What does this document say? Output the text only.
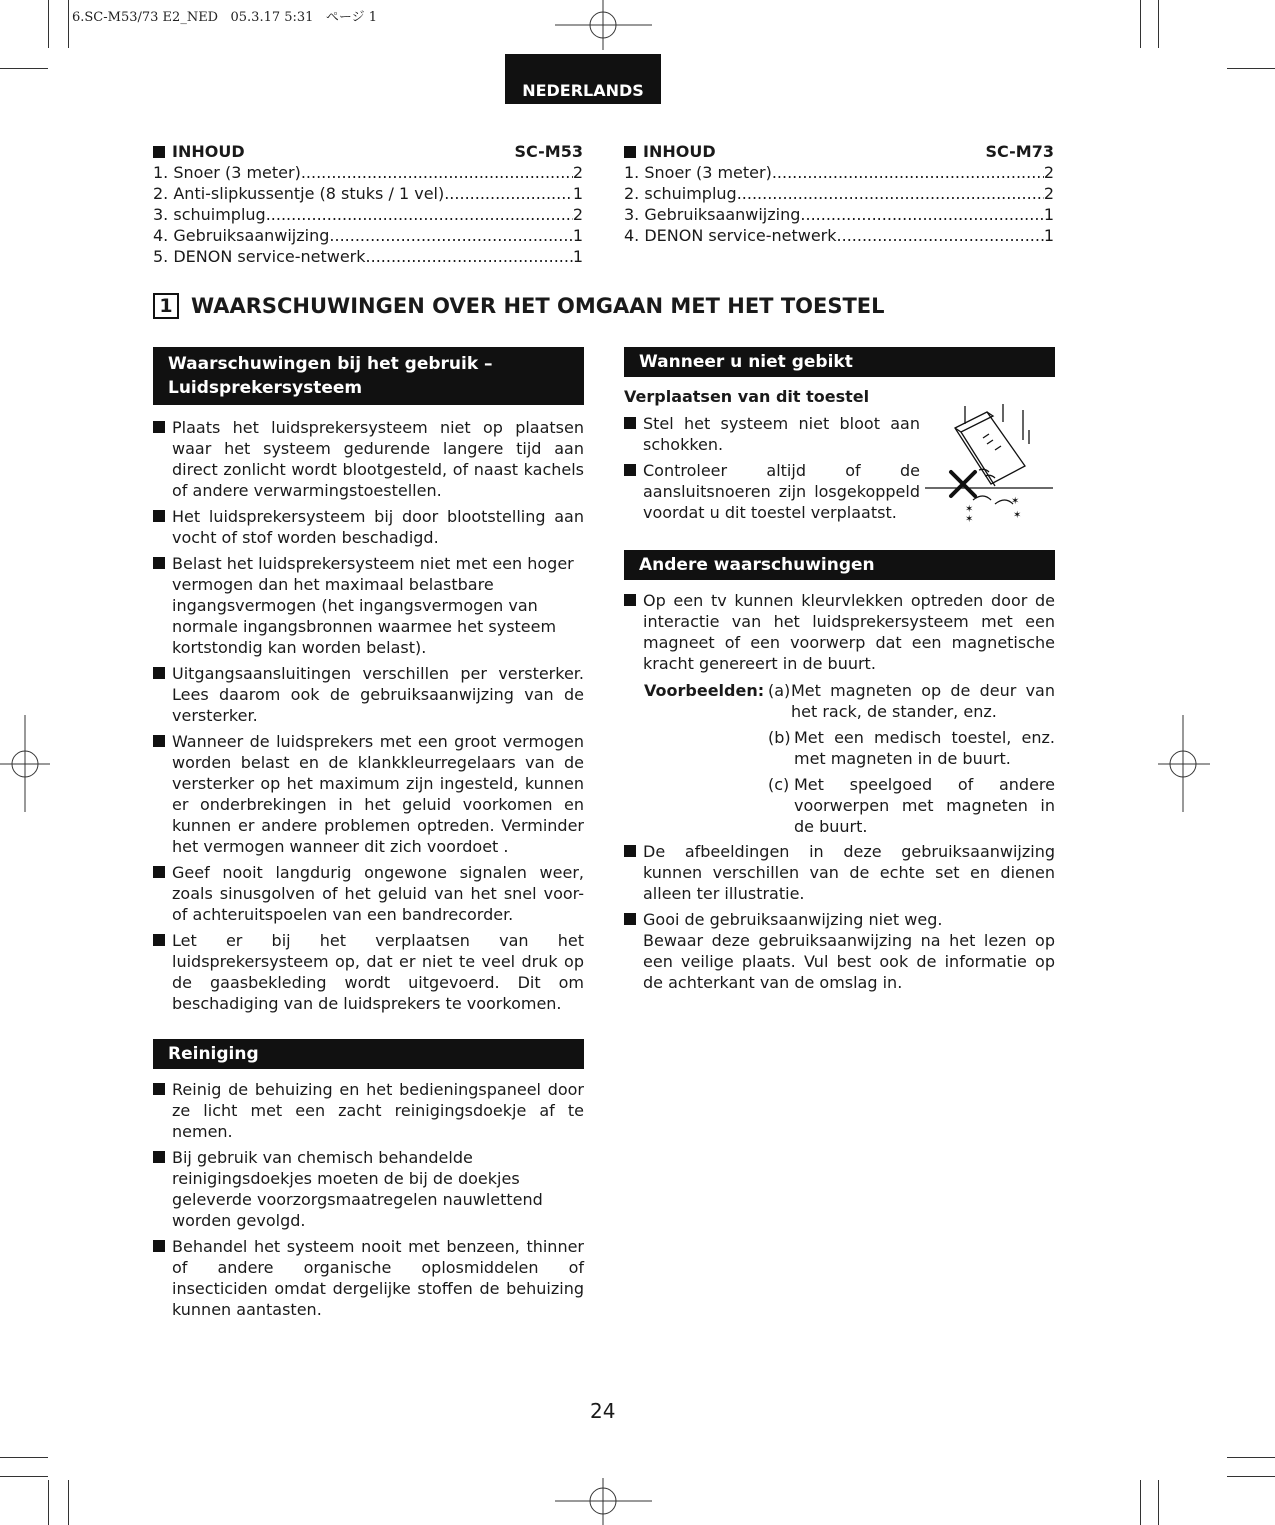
6.SC-M53/73 E2_NED   05.3.17 5:31   ページ 1
NEDERLANDS
INHOUD	SC-M53
1. Snoer (3 meter) .....	2
2. Anti-slipkussentje (8 stuks / 1 vel) .....	1
3. schuimplug .....	2
4. Gebruiksaanwijzing .....	1
5. DENON service-netwerk .....	1
INHOUD	SC-M73
1. Snoer (3 meter) .....	2
2. schuimplug .....	2
3. Gebruiksaanwijzing .....	1
4. DENON service-netwerk .....	1
1 WAARSCHUWINGEN OVER HET OMGAAN MET HET TOESTEL
Waarschuwingen bij het gebruik –
Luidsprekersysteem
Plaats het luidsprekersysteem niet op plaatsen waar het systeem gedurende langere tijd aan direct zonlicht wordt blootgesteld, of naast kachels of andere verwarmingstoestellen.
Het luidsprekersysteem bij door blootstelling aan vocht of stof worden beschadigd.
Belast het luidsprekersysteem niet met een hoger vermogen dan het maximaal belastbare ingangsvermogen (het ingangsvermogen van normale ingangsbronnen waarmee het systeem kortstondig kan worden belast).
Uitgangsaansluitingen verschillen per versterker. Lees daarom ook de gebruiksaanwijzing van de versterker.
Wanneer de luidsprekers met een groot vermogen worden belast en de klankkleurregelaars van de versterker op het maximum zijn ingesteld, kunnen er onderbrekingen in het geluid voorkomen en kunnen er andere problemen optreden. Verminder het vermogen wanneer dit zich voordoet .
Geef nooit langdurig ongewone signalen weer, zoals sinusgolven of het geluid van het snel voor- of achteruitspoelen van een bandrecorder.
Let er bij het verplaatsen van het luidsprekersysteem op, dat er niet te veel druk op de gaasbekleding wordt uitgevoerd. Dit om beschadiging van de luidsprekers te voorkomen.
Reiniging
Reinig de behuizing en het bedieningspaneel door ze licht met een zacht reinigingsdoekje af te nemen.
Bij gebruik van chemisch behandelde reinigingsdoekjes moeten de bij de doekjes geleverde voorzorgsmaatregelen nauwlettend worden gevolgd.
Behandel het systeem nooit met benzeen, thinner of andere organische oplosmiddelen of insecticiden omdat dergelijke stoffen de behuizing kunnen aantasten.
Wanneer u niet gebikt
Verplaatsen van dit toestel
Stel het systeem niet bloot aan schokken.
Controleer altijd of de aansluitsnoeren zijn losgekoppeld voordat u dit toestel verplaatst.	✶
✶
✶
✶
Andere waarschuwingen
Op een tv kunnen kleurvlekken optreden door de interactie van het luidsprekersysteem met een magneet of een voorwerp dat een magnetische kracht genereert in de buurt.
Voorbeelden: (a) Met magneten op de deur van het rack, de stander, enz.
(b) Met een medisch toestel, enz. met magneten in de buurt.
(c) Met speelgoed of andere voorwerpen met magneten in de buurt.
De afbeeldingen in deze gebruiksaanwijzing kunnen verschillen van de echte set en dienen alleen ter illustratie.
Gooi de gebruiksaanwijzing niet weg.
Bewaar deze gebruiksaanwijzing na het lezen op een veilige plaats. Vul best ook de informatie op de achterkant van de omslag in.
24
